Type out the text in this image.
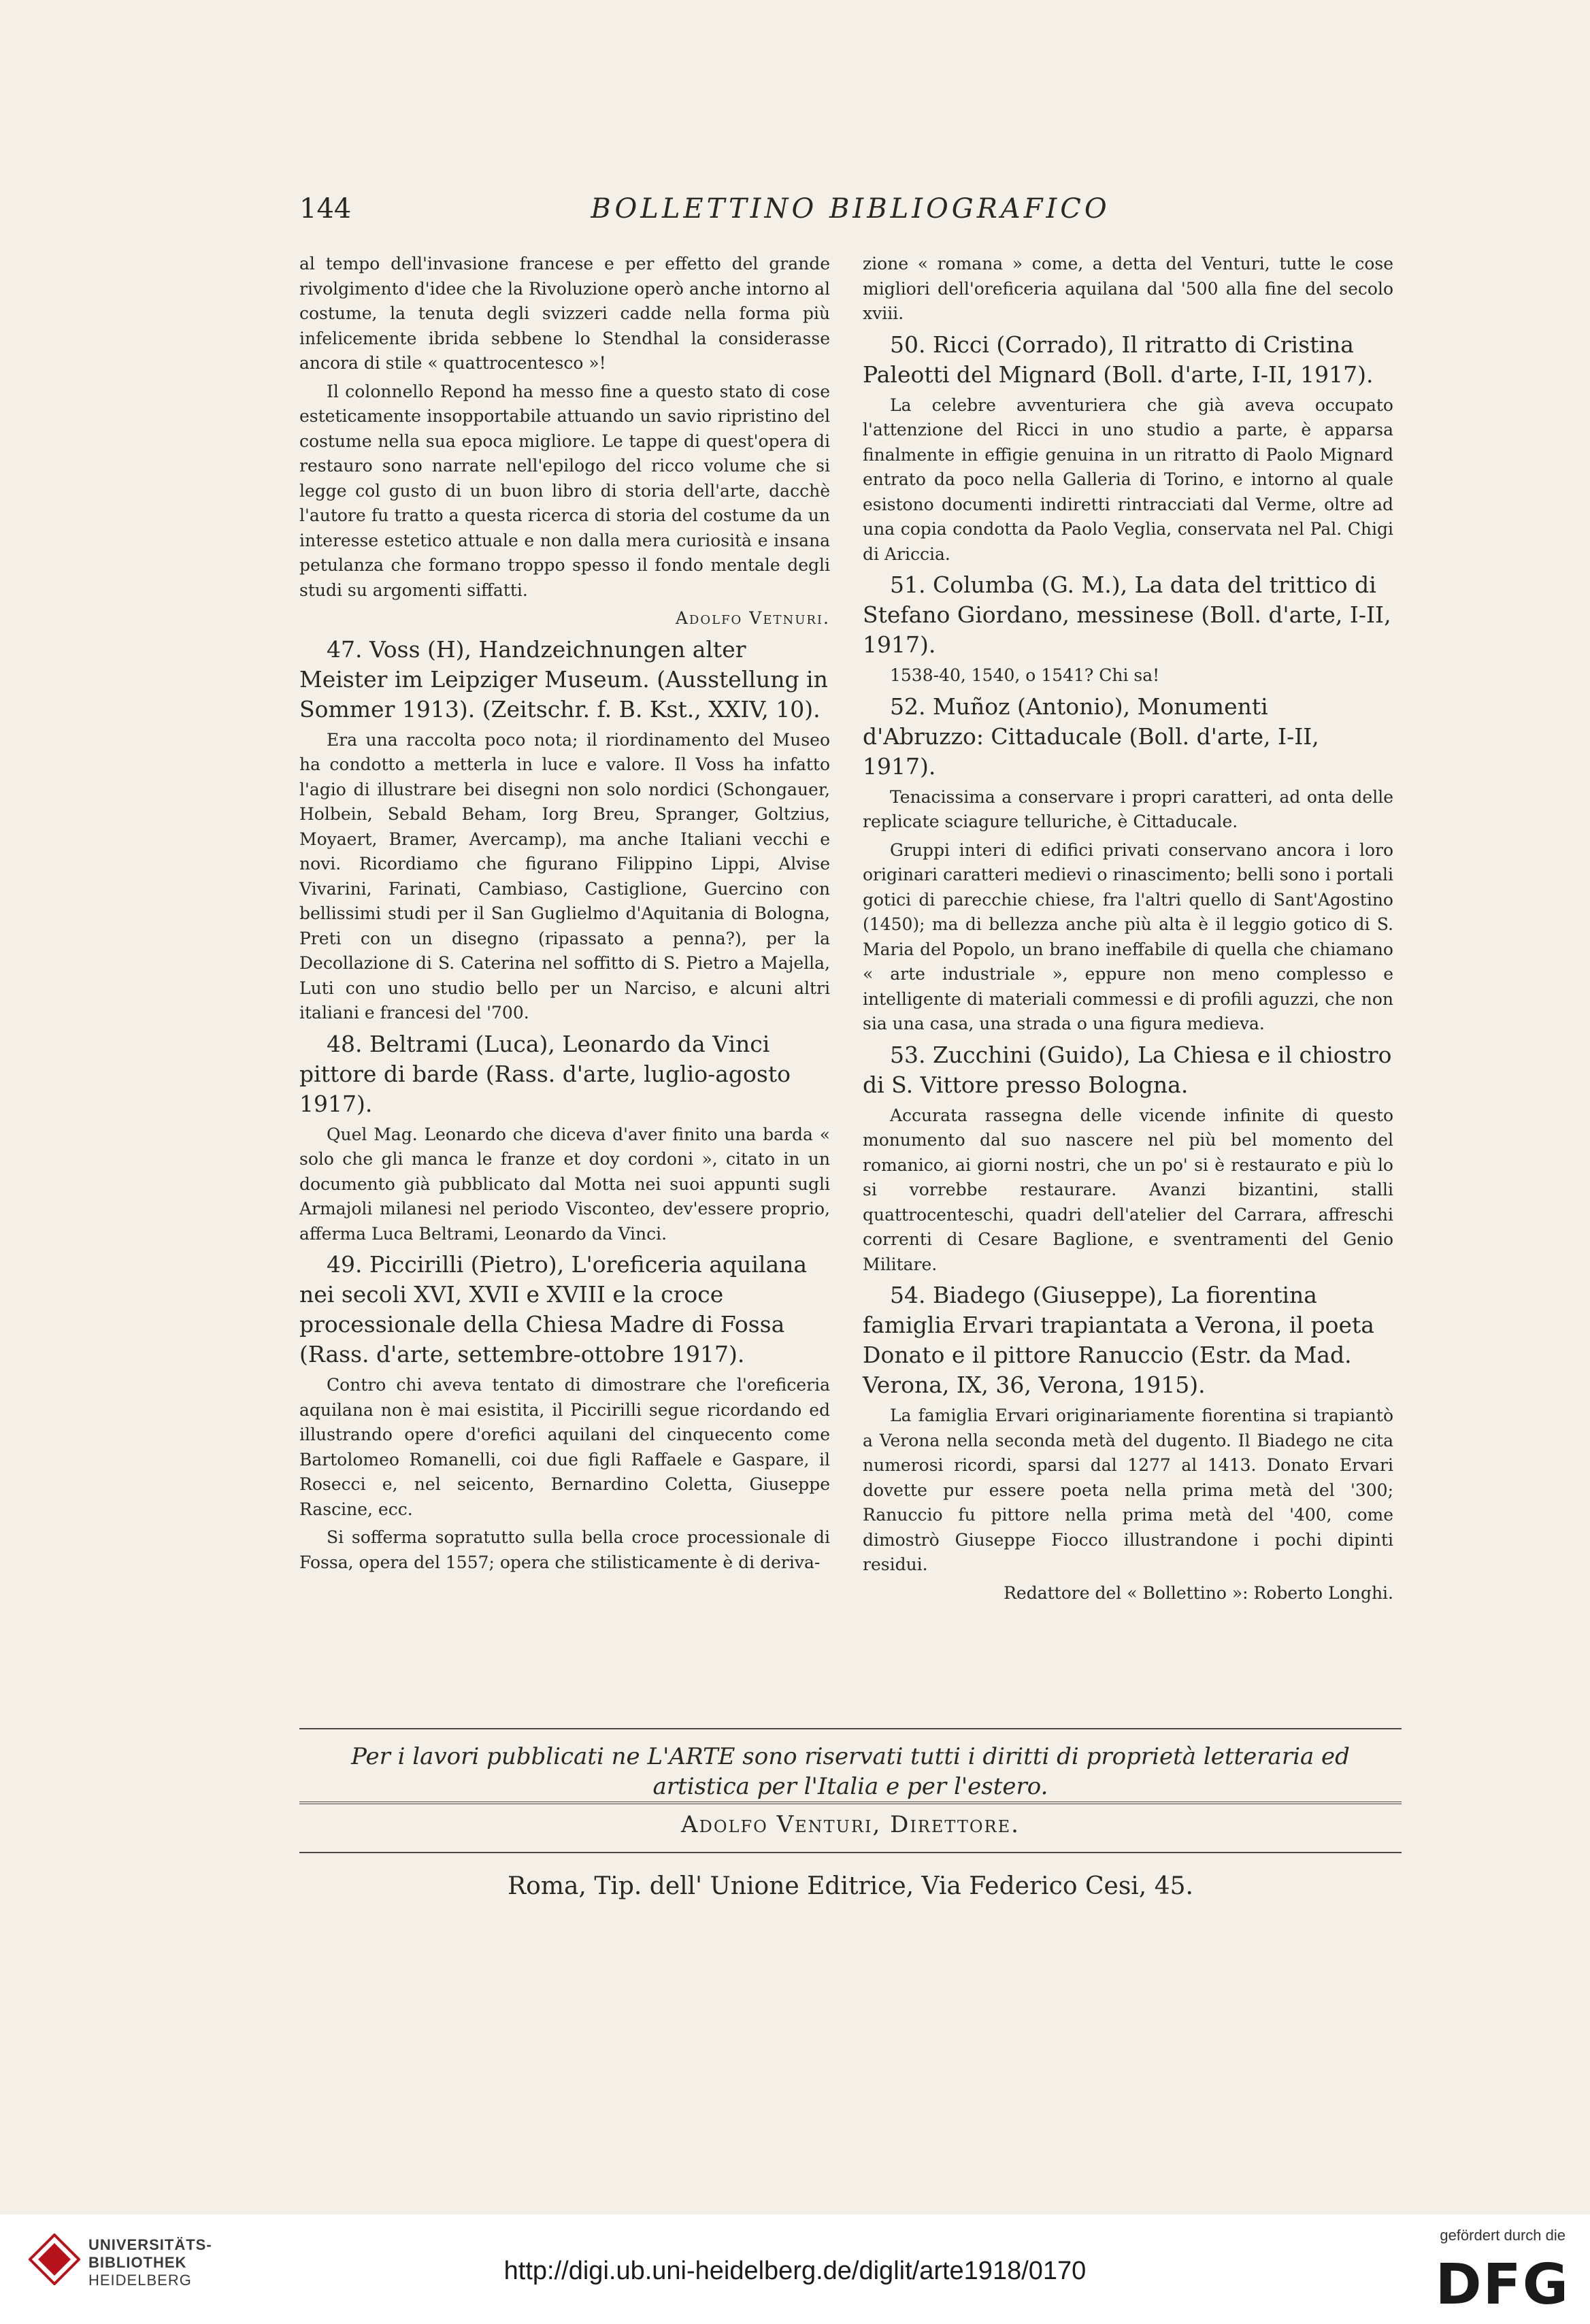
144	BOLLETTINO BIBLIOGRAFICO

al tempo dell'invasione francese e per effetto del grande rivolgimento d'idee che la Rivoluzione operò anche intorno al costume, la tenuta degli svizzeri cadde nella forma più infelicemente ibrida sebbene lo Stendhal la considerasse ancora di stile « quattrocentesco »!

Il colonnello Repond ha messo fine a questo stato di cose esteticamente insopportabile attuando un savio ripristino del costume nella sua epoca migliore. Le tappe di quest'opera di restauro sono narrate nell'epilogo del ricco volume che si legge col gusto di un buon libro di storia dell'arte, dacchè l'autore fu tratto a questa ricerca di storia del costume da un interesse estetico attuale e non dalla mera curiosità e insana petulanza che formano troppo spesso il fondo mentale degli studi su argomenti siffatti.

Adolfo Vetnuri.

47. Voss (H), Handzeichnungen alter Meister im Leipziger Museum. (Ausstellung in Sommer 1913). (Zeitschr. f. B. Kst., XXIV, 10).

Era una raccolta poco nota; il riordinamento del Museo ha condotto a metterla in luce e valore. Il Voss ha infatto l'agio di illustrare bei disegni non solo nordici (Schongauer, Holbein, Sebald Beham, Iorg Breu, Spranger, Goltzius, Moyaert, Bramer, Avercamp), ma anche Italiani vecchi e novi. Ricordiamo che figurano Filippino Lippi, Alvise Vivarini, Farinati, Cambiaso, Castiglione, Guercino con bellissimi studi per il San Guglielmo d'Aquitania di Bologna, Preti con un disegno (ripassato a penna?), per la Decollazione di S. Caterina nel soffitto di S. Pietro a Majella, Luti con uno studio bello per un Narciso, e alcuni altri italiani e francesi del '700.

48. Beltrami (Luca), Leonardo da Vinci pittore di barde (Rass. d'arte, luglio-agosto 1917).

Quel Mag. Leonardo che diceva d'aver finito una barda « solo che gli manca le franze et doy cordoni », citato in un documento già pubblicato dal Motta nei suoi appunti sugli Armajoli milanesi nel periodo Visconteo, dev'essere proprio, afferma Luca Beltrami, Leonardo da Vinci.

49. Piccirilli (Pietro), L'oreficeria aquilana nei secoli XVI, XVII e XVIII e la croce processionale della Chiesa Madre di Fossa (Rass. d'arte, settembre-ottobre 1917).

Contro chi aveva tentato di dimostrare che l'oreficeria aquilana non è mai esistita, il Piccirilli segue ricordando ed illustrando opere d'orefici aquilani del cinquecento come Bartolomeo Romanelli, coi due figli Raffaele e Gaspare, il Rosecci e, nel seicento, Bernardino Coletta, Giuseppe Rascine, ecc.

Si sofferma sopratutto sulla bella croce processionale di Fossa, opera del 1557; opera che stilisticamente è di deriva-

zione « romana » come, a detta del Venturi, tutte le cose migliori dell'oreficeria aquilana dal '500 alla fine del secolo xviii.

50. Ricci (Corrado), Il ritratto di Cristina Paleotti del Mignard (Boll. d'arte, I-II, 1917).

La celebre avventuriera che già aveva occupato l'attenzione del Ricci in uno studio a parte, è apparsa finalmente in effigie genuina in un ritratto di Paolo Mignard entrato da poco nella Galleria di Torino, e intorno al quale esistono documenti indiretti rintracciati dal Verme, oltre ad una copia condotta da Paolo Veglia, conservata nel Pal. Chigi di Ariccia.

51. Columba (G. M.), La data del trittico di Stefano Giordano, messinese (Boll. d'arte, I-II, 1917).

1538-40, 1540, o 1541? Chi sa!

52. Muñoz (Antonio), Monumenti d'Abruzzo: Cittaducale (Boll. d'arte, I-II, 1917).

Tenacissima a conservare i propri caratteri, ad onta delle replicate sciagure telluriche, è Cittaducale.

Gruppi interi di edifici privati conservano ancora i loro originari caratteri medievi o rinascimento; belli sono i portali gotici di parecchie chiese, fra l'altri quello di Sant'Agostino (1450); ma di bellezza anche più alta è il leggio gotico di S. Maria del Popolo, un brano ineffabile di quella che chiamano « arte industriale », eppure non meno complesso e intelligente di materiali commessi e di profili aguzzi, che non sia una casa, una strada o una figura medieva.

53. Zucchini (Guido), La Chiesa e il chiostro di S. Vittore presso Bologna.

Accurata rassegna delle vicende infinite di questo monumento dal suo nascere nel più bel momento del romanico, ai giorni nostri, che un po' si è restaurato e più lo si vorrebbe restaurare. Avanzi bizantini, stalli quattrocenteschi, quadri dell'atelier del Carrara, affreschi correnti di Cesare Baglione, e sventramenti del Genio Militare.

54. Biadego (Giuseppe), La fiorentina famiglia Ervari trapiantata a Verona, il poeta Donato e il pittore Ranuccio (Estr. da Mad. Verona, IX, 36, Verona, 1915).

La famiglia Ervari originariamente fiorentina si trapiantò a Verona nella seconda metà del dugento. Il Biadego ne cita numerosi ricordi, sparsi dal 1277 al 1413. Donato Ervari dovette pur essere poeta nella prima metà del '300; Ranuccio fu pittore nella prima metà del '400, come dimostrò Giuseppe Fiocco illustrandone i pochi dipinti residui.

Redattore del « Bollettino »: Roberto Longhi.

Per i lavori pubblicati ne L'ARTE sono riservati tutti i diritti di proprietà letteraria ed artistica per l'Italia e per l'estero.
Adolfo Venturi, Direttore.
Roma, Tip. dell' Unione Editrice, Via Federico Cesi, 45.
UNIVERSITÄTS-
BIBLIOTHEK
HEIDELBERG	http://digi.ub.uni-heidelberg.de/diglit/arte1918/0170
gefördert durch die
DFG
